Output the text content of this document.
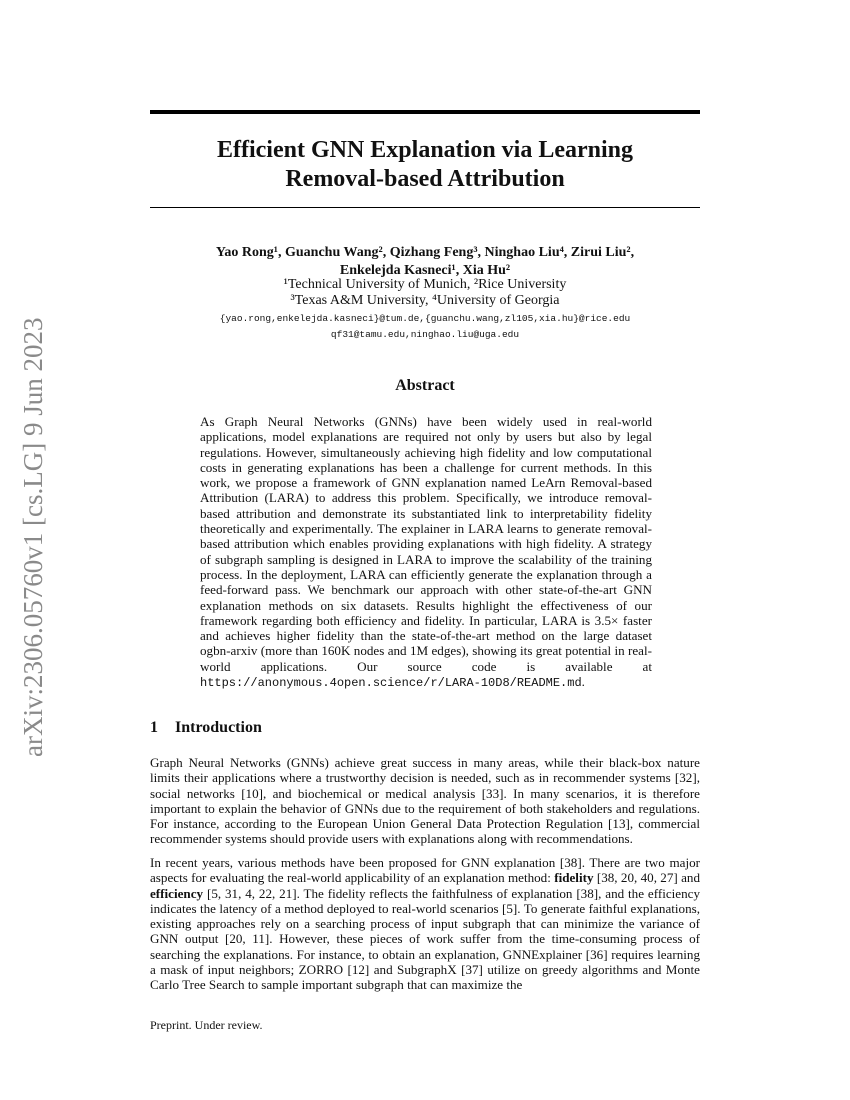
arXiv:2306.05760v1 [cs.LG] 9 Jun 2023
Efficient GNN Explanation via Learning
Removal-based Attribution
Yao Rong¹, Guanchu Wang², Qizhang Feng³, Ninghao Liu⁴, Zirui Liu²,
Enkelejda Kasneci¹, Xia Hu²
¹Technical University of Munich, ²Rice University
³Texas A&M University, ⁴University of Georgia
{yao.rong,enkelejda.kasneci}@tum.de,{guanchu.wang,zl105,xia.hu}@rice.edu
qf31@tamu.edu,ninghao.liu@uga.edu
Abstract
As Graph Neural Networks (GNNs) have been widely used in real-world applications, model explanations are required not only by users but also by legal regulations. However, simultaneously achieving high fidelity and low computational costs in generating explanations has been a challenge for current methods. In this work, we propose a framework of GNN explanation named LeArn Removal-based Attribution (LARA) to address this problem. Specifically, we introduce removal-based attribution and demonstrate its substantiated link to interpretability fidelity theoretically and experimentally. The explainer in LARA learns to generate removal-based attribution which enables providing explanations with high fidelity. A strategy of subgraph sampling is designed in LARA to improve the scalability of the training process. In the deployment, LARA can efficiently generate the explanation through a feed-forward pass. We benchmark our approach with other state-of-the-art GNN explanation methods on six datasets. Results highlight the effectiveness of our framework regarding both efficiency and fidelity. In particular, LARA is 3.5× faster and achieves higher fidelity than the state-of-the-art method on the large dataset ogbn-arxiv (more than 160K nodes and 1M edges), showing its great potential in real-world applications. Our source code is available at https://anonymous.4open.science/r/LARA-10D8/README.md.
1 Introduction
Graph Neural Networks (GNNs) achieve great success in many areas, while their black-box nature limits their applications where a trustworthy decision is needed, such as in recommender systems [32], social networks [10], and biochemical or medical analysis [33]. In many scenarios, it is therefore important to explain the behavior of GNNs due to the requirement of both stakeholders and regulations. For instance, according to the European Union General Data Protection Regulation [13], commercial recommender systems should provide users with explanations along with recommendations.
In recent years, various methods have been proposed for GNN explanation [38]. There are two major aspects for evaluating the real-world applicability of an explanation method: fidelity [38, 20, 40, 27] and efficiency [5, 31, 4, 22, 21]. The fidelity reflects the faithfulness of explanation [38], and the efficiency indicates the latency of a method deployed to real-world scenarios [5]. To generate faithful explanations, existing approaches rely on a searching process of input subgraph that can minimize the variance of GNN output [20, 11]. However, these pieces of work suffer from the time-consuming process of searching the explanations. For instance, to obtain an explanation, GNNExplainer [36] requires learning a mask of input neighbors; ZORRO [12] and SubgraphX [37] utilize on greedy algorithms and Monte Carlo Tree Search to sample important subgraph that can maximize the
Preprint. Under review.
